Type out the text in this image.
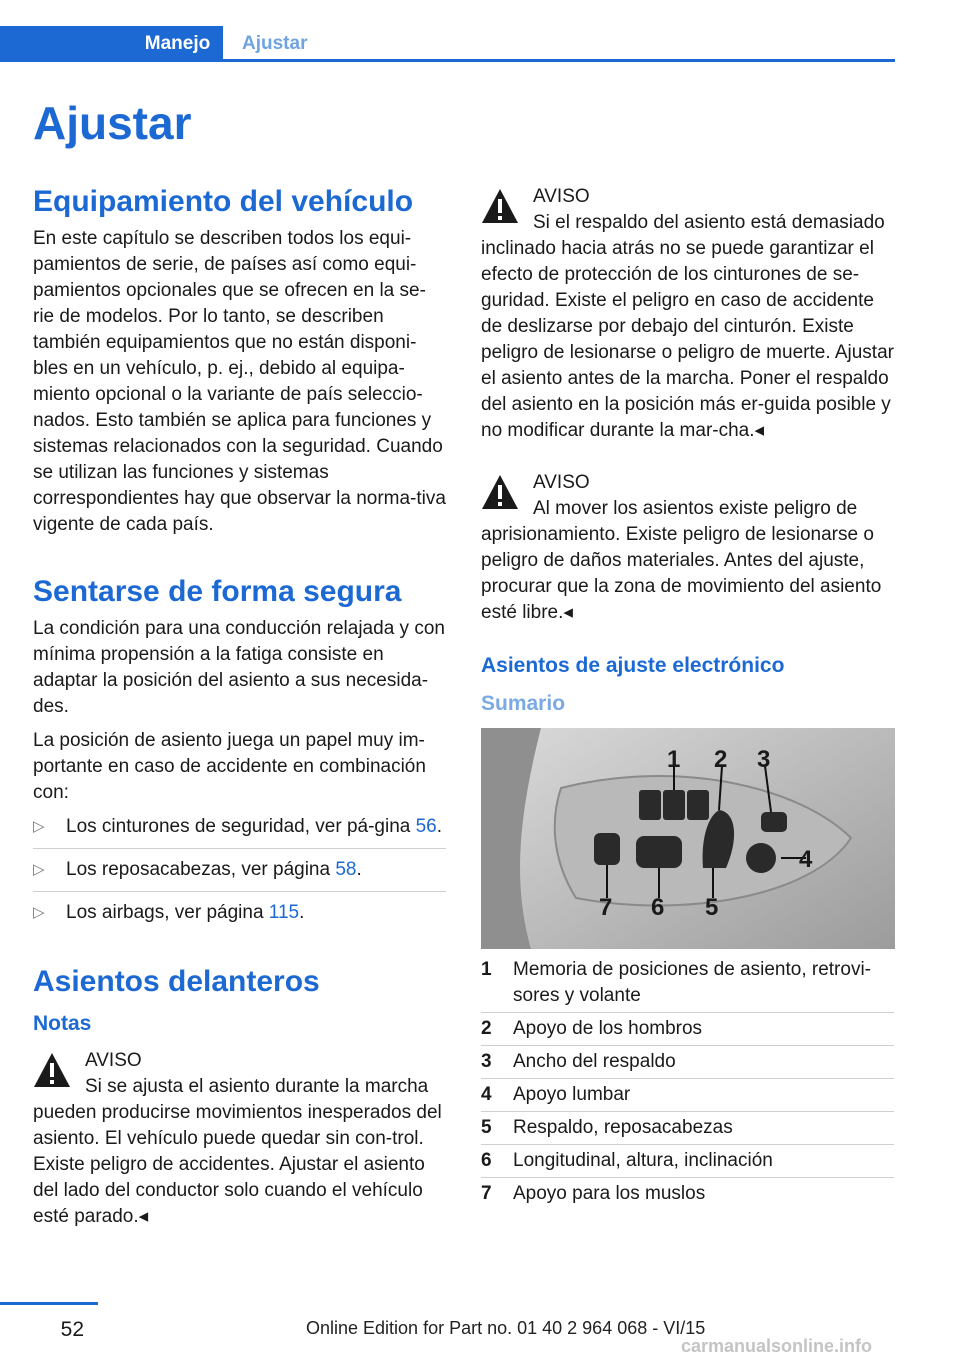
Manejo	Ajustar
Ajustar
Equipamiento del vehículo

En este capítulo se describen todos los equi-pamientos de serie, de países así como equi-pamientos opcionales que se ofrecen en la se-rie de modelos. Por lo tanto, se describen también equipamientos que no están disponi-bles en un vehículo, p. ej., debido al equipa-miento opcional o la variante de país seleccio-nados. Esto también se aplica para funciones y sistemas relacionados con la seguridad. Cuando se utilizan las funciones y sistemas correspondientes hay que observar la norma-tiva vigente de cada país.

Sentarse de forma segura

La condición para una conducción relajada y con mínima propensión a la fatiga consiste en adaptar la posición del asiento a sus necesida-des.

La posición de asiento juega un papel muy im-portante en caso de accidente en combinación con:

▷ Los cinturones de seguridad, ver pá-gina 56.
▷ Los reposacabezas, ver página 58.
▷ Los airbags, ver página 115.
Asientos delanteros
Notas
AVISO

Si se ajusta el asiento durante la marcha pueden producirse movimientos inesperados del asiento. El vehículo puede quedar sin con-trol. Existe peligro de accidentes. Ajustar el asiento del lado del conductor solo cuando el vehículo esté parado.◂

AVISO

Si el respaldo del asiento está demasiado inclinado hacia atrás no se puede garantizar el efecto de protección de los cinturones de se-guridad. Existe el peligro en caso de accidente de deslizarse por debajo del cinturón. Existe peligro de lesionarse o peligro de muerte. Ajustar el asiento antes de la marcha. Poner el respaldo del asiento en la posición más er-guida posible y no modificar durante la mar-cha.◂

AVISO

Al mover los asientos existe peligro de aprisionamiento. Existe peligro de lesionarse o peligro de daños materiales. Antes del ajuste, procurar que la zona de movimiento del asiento esté libre.◂

Asientos de ajuste electrónico
Sumario
1 2 3
4
5
6
7
1 Memoria de posiciones de asiento, retrovi-sores y volante
2 Apoyo de los hombros
3 Ancho del respaldo
4 Apoyo lumbar
5 Respaldo, reposacabezas
6 Longitudinal, altura, inclinación
7 Apoyo para los muslos
52	Online Edition for Part no. 01 40 2 964 068 - VI/15
carmanualsonline.info
